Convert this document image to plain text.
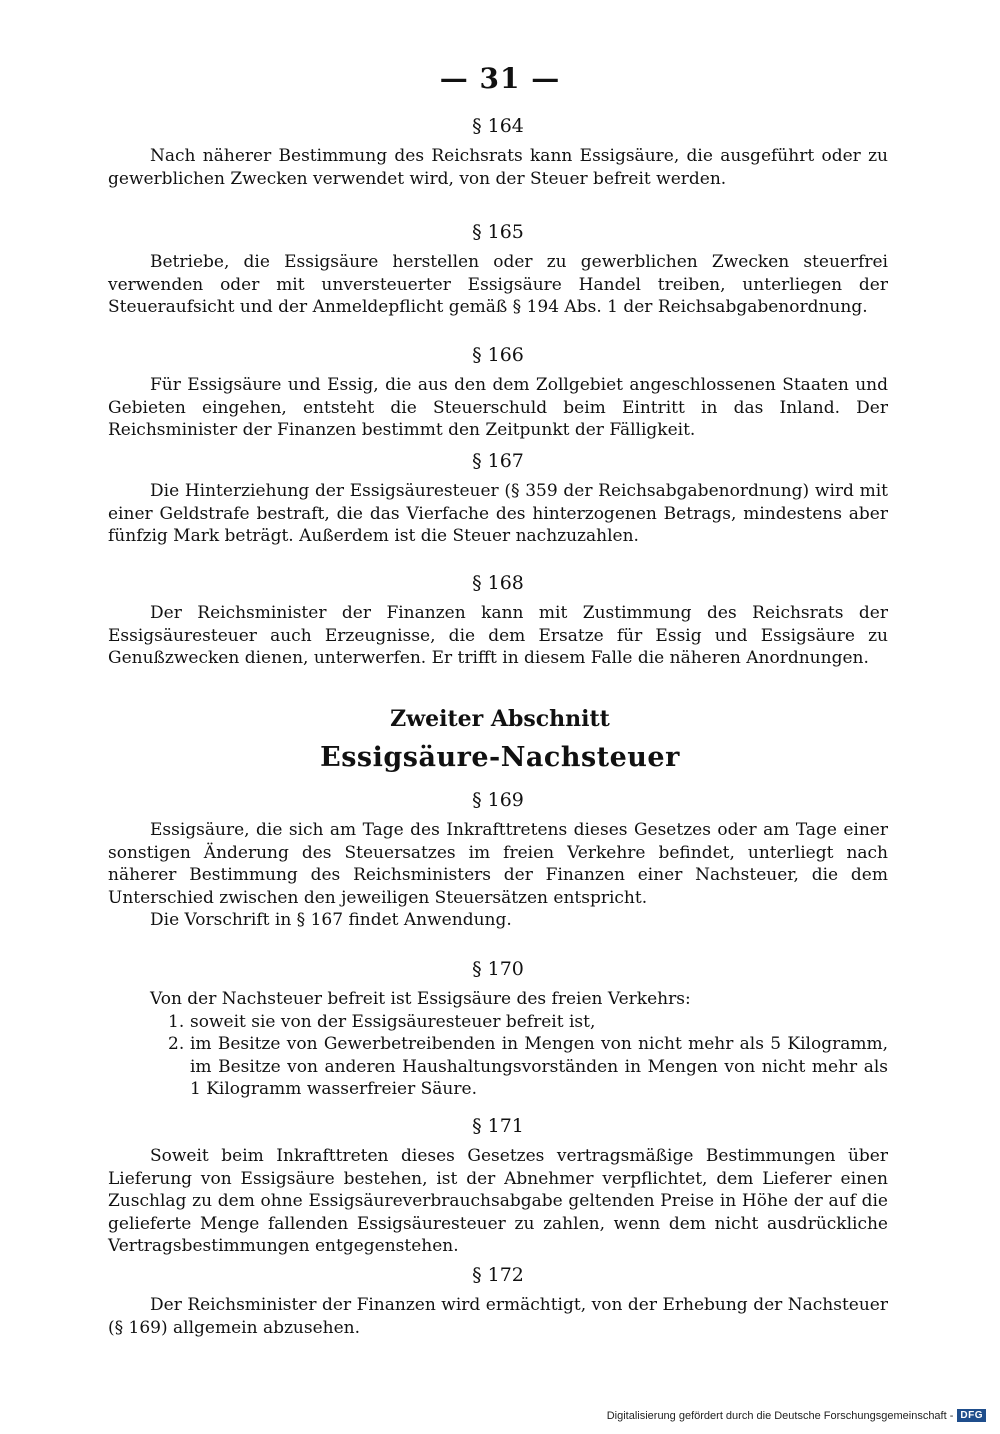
— 31 —

§ 164

Nach näherer Bestimmung des Reichsrats kann Essigsäure, die ausgeführt oder zu gewerblichen Zwecken verwendet wird, von der Steuer befreit werden.

§ 165

Betriebe, die Essigsäure herstellen oder zu gewerblichen Zwecken steuerfrei verwenden oder mit unversteuerter Essigsäure Handel treiben, unterliegen der Steueraufsicht und der Anmeldepflicht gemäß § 194 Abs. 1 der Reichsabgabenordnung.

§ 166

Für Essigsäure und Essig, die aus den dem Zollgebiet angeschlossenen Staaten und Gebieten eingehen, entsteht die Steuerschuld beim Eintritt in das Inland. Der Reichsminister der Finanzen bestimmt den Zeitpunkt der Fälligkeit.

§ 167

Die Hinterziehung der Essigsäuresteuer (§ 359 der Reichsabgabenordnung) wird mit einer Geldstrafe bestraft, die das Vierfache des hinterzogenen Betrags, mindestens aber fünfzig Mark beträgt. Außerdem ist die Steuer nachzuzahlen.

§ 168

Der Reichsminister der Finanzen kann mit Zustimmung des Reichsrats der Essigsäuresteuer auch Erzeugnisse, die dem Ersatze für Essig und Essigsäure zu Genußzwecken dienen, unterwerfen. Er trifft in diesem Falle die näheren Anordnungen.

Zweiter Abschnitt

Essigsäure-Nachsteuer

§ 169

Essigsäure, die sich am Tage des Inkrafttretens dieses Gesetzes oder am Tage einer sonstigen Änderung des Steuersatzes im freien Verkehre befindet, unterliegt nach näherer Bestimmung des Reichsministers der Finanzen einer Nachsteuer, die dem Unterschied zwischen den jeweiligen Steuersätzen entspricht.

Die Vorschrift in § 167 findet Anwendung.

§ 170

Von der Nachsteuer befreit ist Essigsäure des freien Verkehrs:

1. soweit sie von der Essigsäuresteuer befreit ist,
2. im Besitze von Gewerbetreibenden in Mengen von nicht mehr als 5 Kilogramm, im Besitze von anderen Haushaltungsvorständen in Mengen von nicht mehr als 1 Kilogramm wasserfreier Säure.

§ 171

Soweit beim Inkrafttreten dieses Gesetzes vertragsmäßige Bestimmungen über Lieferung von Essigsäure bestehen, ist der Abnehmer verpflichtet, dem Lieferer einen Zuschlag zu dem ohne Essigsäureverbrauchsabgabe geltenden Preise in Höhe der auf die gelieferte Menge fallenden Essigsäuresteuer zu zahlen, wenn dem nicht ausdrückliche Vertragsbestimmungen entgegenstehen.

§ 172

Der Reichsminister der Finanzen wird ermächtigt, von der Erhebung der Nachsteuer (§ 169) allgemein abzusehen.

Digitalisierung gefördert durch die Deutsche Forschungsgemeinschaft - DFG
